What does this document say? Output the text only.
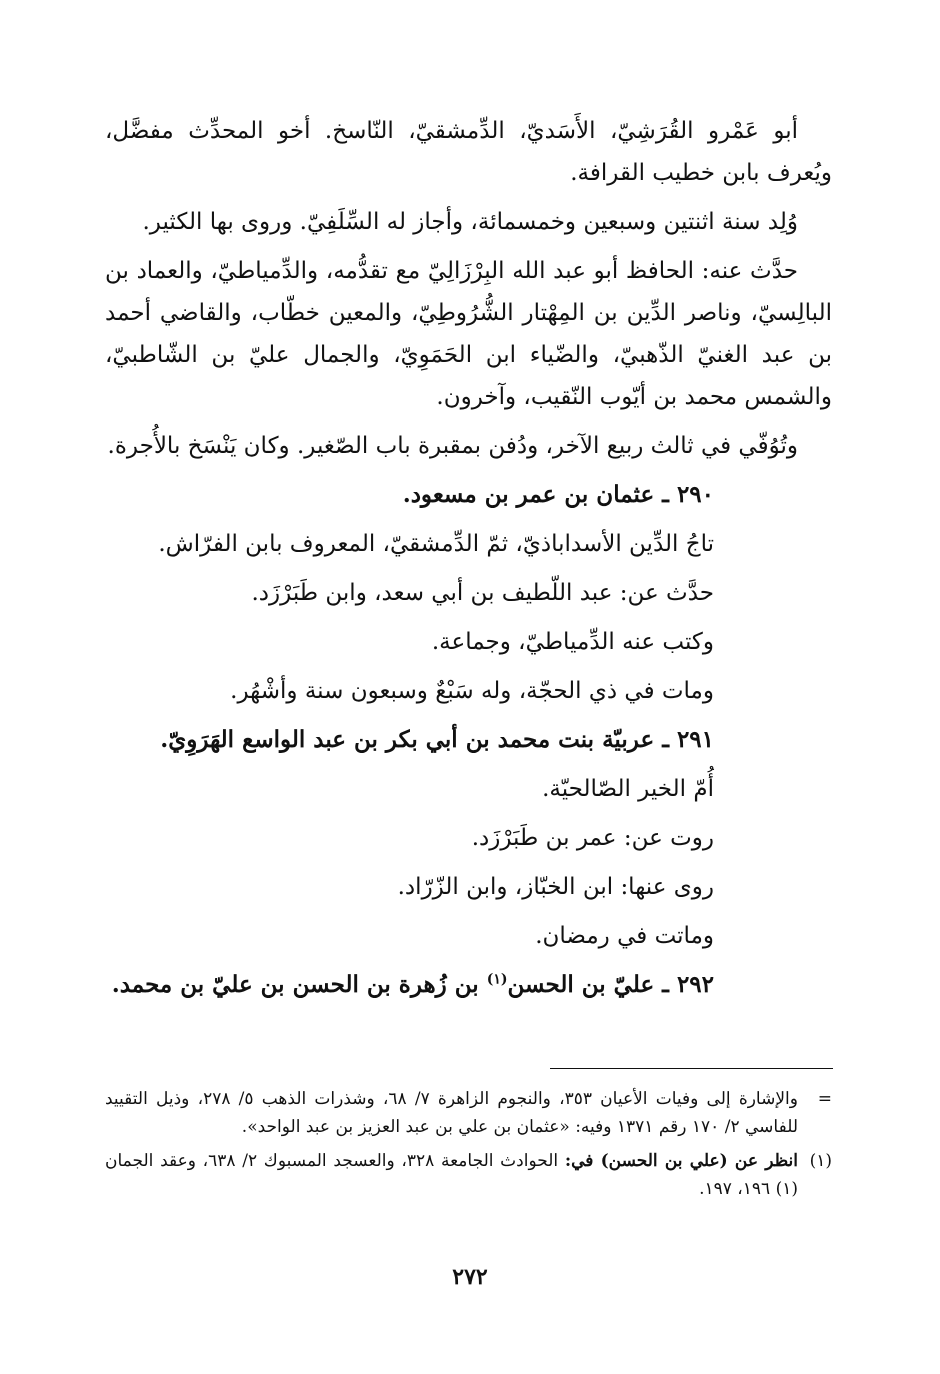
أبو عَمْرو القُرَشِيّ، الأَسَديّ، الدِّمشقيّ، النّاسخ. أخو المحدِّث مفضَّل، ويُعرف بابن خطيب القرافة.

وُلِد سنة اثنتين وسبعين وخمسمائة، وأجاز له السِّلَفِيّ. وروى بها الكثير.

حدَّث عنه: الحافظ أبو عبد الله البِرْزَالِيّ مع تقدُّمه، والدِّمياطيّ، والعماد بن البالِسيّ، وناصر الدِّين بن المِهْتار الشُّرُوطِيّ، والمعين خطّاب، والقاضي أحمد بن عبد الغنيّ الذّهبيّ، والضّياء ابن الحَمَوِيّ، والجمال عليّ بن الشّاطبيّ، والشمس محمد بن أيّوب النّقيب، وآخرون.

وتُوُفّي في ثالث ربيع الآخر، ودُفن بمقبرة باب الصّغير. وكان يَنْسَخ بالأُجرة.

٢٩٠ ـ عثمان بن عمر بن مسعود.

تاجُ الدِّين الأسداباذيّ، ثمّ الدِّمشقيّ، المعروف بابن الفرّاش.

حدَّث عن: عبد اللّطيف بن أبي سعد، وابن طَبَرْزَد.

وكتب عنه الدِّمياطيّ، وجماعة.

ومات في ذي الحجّة، وله سَبْعٌ وسبعون سنة وأشْهُر.

٢٩١ ـ عربيّة بنت محمد بن أبي بكر بن عبد الواسع الهَرَوِيّ.

أُمّ الخير الصّالحيّة.

روت عن: عمر بن طَبَرْزَد.

روى عنها: ابن الخبّاز، وابن الزّرّاد.

وماتت في رمضان.

٢٩٢ ـ عليّ بن الحسن$^{(١)}$ بن زُهرة بن الحسن بن عليّ بن محمد.

=
والإشارة إلى وفيات الأعيان ٣٥٣، والنجوم الزاهرة ٧/ ٦٨، وشذرات الذهب ٥/ ٢٧٨، وذيل التقييد للفاسي ٢/ ١٧٠ رقم ١٣٧١ وفيه: «عثمان بن علي بن عبد العزيز بن عبد الواحد».
(١)
انظر عن (علي بن الحسن) في: الحوادث الجامعة ٣٢٨، والعسجد المسبوك ٢/ ٦٣٨، وعقد الجمان (١) ١٩٦، ١٩٧.
٢٧٢
